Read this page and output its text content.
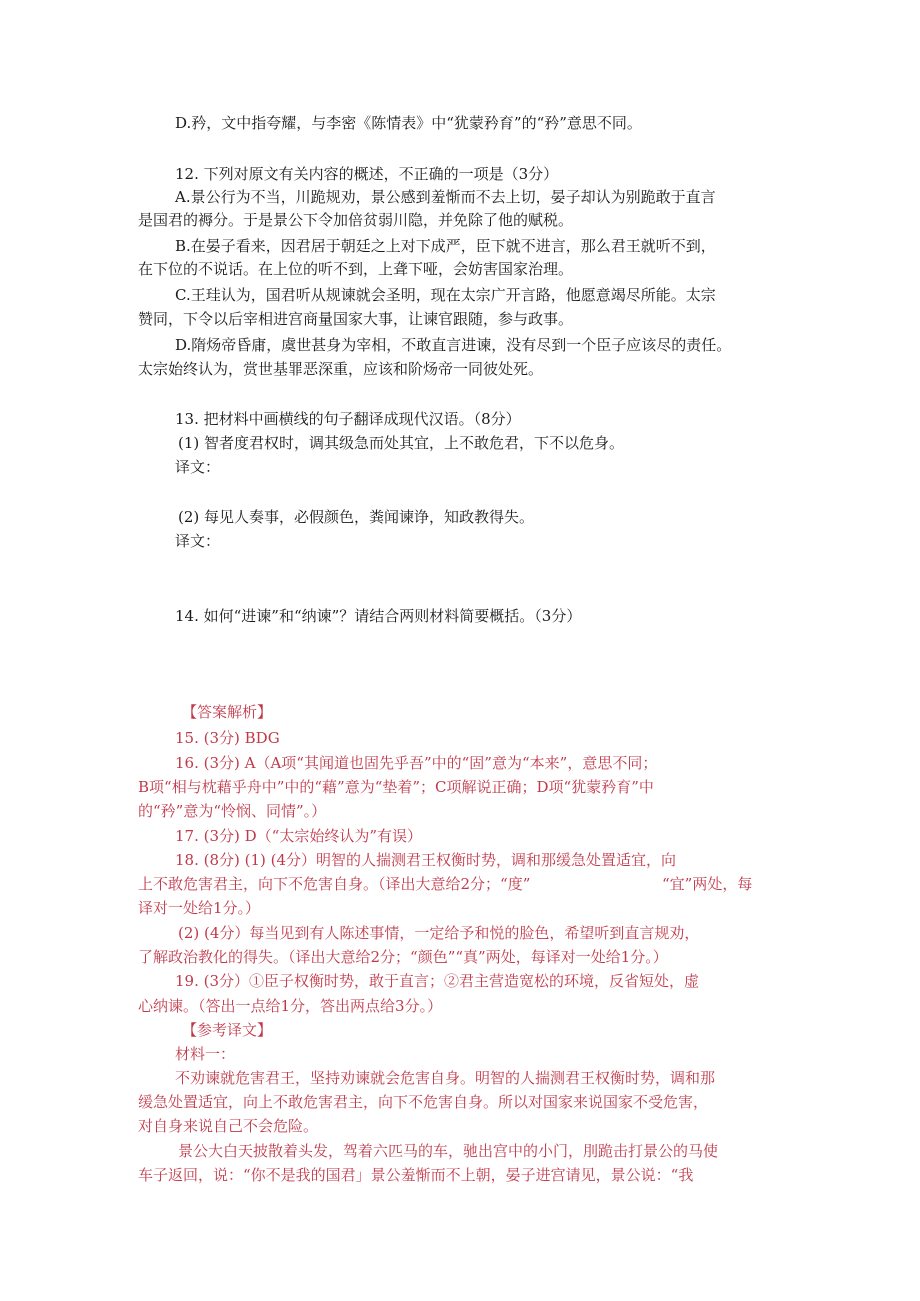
D.矜，文中指夸耀，与李密《陈情表》中“犹蒙矜育”的“矜”意思不同。
12. 下列对原文有关内容的概述，不正确的一项是（3分）
A.景公行为不当，川跪规劝，景公感到羞惭而不去上切，晏子却认为别跪敢于直言
是国君的褥分。于是景公下令加倍贫弱川隐，并免除了他的赋税。
B.在晏子看来，因君居于朝廷之上对下成严，臣下就不进言，那么君王就听不到，
在下位的不说话。在上位的听不到，上聋下哑，会妨害国家治理。
C.王珪认为，国君听从规谏就会圣明，现在太宗广开言路，他愿意竭尽所能。太宗
赞同，下令以后宰相进宫商量国家大事，让谏官跟随，参与政事。
D.隋炀帝昏庸，虞世甚身为宰相，不敢直言进谏，没有尽到一个臣子应该尽的责任。
太宗始终认为，赏世基罪恶深重，应该和阶炀帝一同彼处死。
13. 把材料中画横线的句子翻译成现代汉语。（8分）
(1) 智者度君权时，调其级急而处其宜，上不敢危君，下不以危身。
译文：
(2) 每见人奏事，必假颜色，粪闻谏诤，知政教得失。
译文：
14. 如何“进谏”和“纳谏”？请结合两则材料简要概括。（3分）
【答案解析】
15. (3分) BDG
16. (3分) A（A项“其闻道也固先乎吾”中的“固”意为“本来”，意思不同；
B项“相与枕藉乎舟中”中的“藉”意为“垫着”；C项解说正确；D项“犹蒙矜育”中
的“矜”意为“怜悯、同情”。）
17. (3分) D（“太宗始终认为”有误）
18. (8分) (1) (4分）明智的人揣测君王权衡时势，调和那缓急处置适宜，向
上不敢危害君主，向下不危害自身。（译出大意给2分；“度”	“宜”两处，每
译对一处给1分。）
(2) (4分）每当见到有人陈述事情，一定给予和悦的脸色，希望听到直言规劝，
了解政治教化的得失。（译出大意给2分；“颜色”“真”两处，每译对一处给1分。）
19. (3分）①臣子权衡时势，敢于直言；②君主营造宽松的环境，反省短处，虚
心纳谏。（答出一点给1分，答出两点给3分。）
【参考译文】
材料一：
不劝谏就危害君王，坚持劝谏就会危害自身。明智的人揣测君王权衡时势，调和那
缓急处置适宜，向上不敢危害君主，向下不危害自身。所以对国家来说国家不受危害，
对自身来说自己不会危险。
景公大白天披散着头发，驾着六匹马的车，驰出宫中的小门，刖跪击打景公的马使
车子返回，说：“你不是我的国君」景公羞惭而不上朝，晏子进宫请见，景公说：“我
